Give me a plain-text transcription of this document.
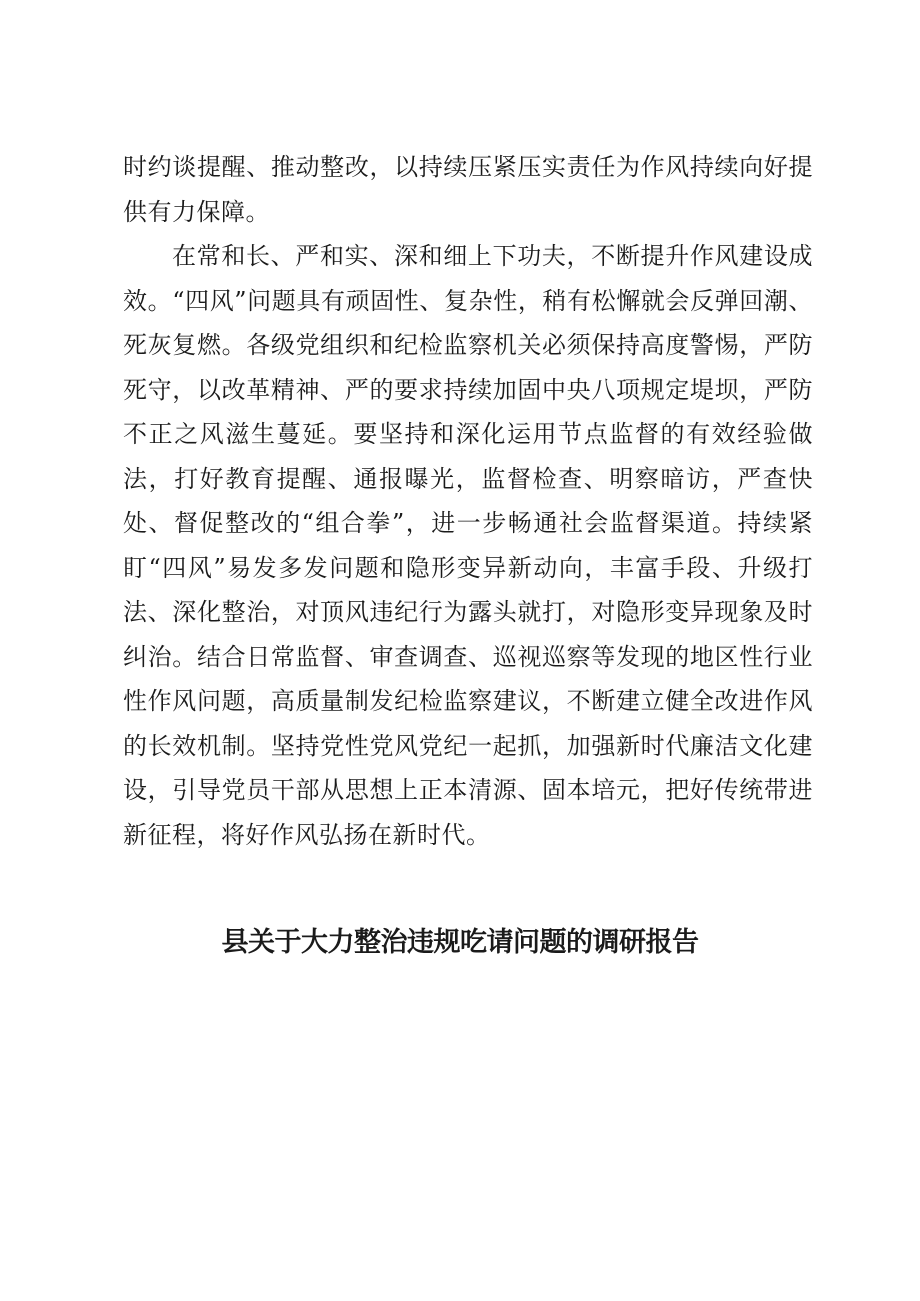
时约谈提醒、推动整改，以持续压紧压实责任为作风持续向好提供有力保障。

在常和长、严和实、深和细上下功夫，不断提升作风建设成效。“四风”问题具有顽固性、复杂性，稍有松懈就会反弹回潮、死灰复燃。各级党组织和纪检监察机关必须保持高度警惕，严防死守，以改革精神、严的要求持续加固中央八项规定堤坝，严防不正之风滋生蔓延。要坚持和深化运用节点监督的有效经验做法，打好教育提醒、通报曝光，监督检查、明察暗访，严查快处、督促整改的“组合拳”，进一步畅通社会监督渠道。持续紧盯“四风”易发多发问题和隐形变异新动向，丰富手段、升级打法、深化整治，对顶风违纪行为露头就打，对隐形变异现象及时纠治。结合日常监督、审查调查、巡视巡察等发现的地区性行业性作风问题，高质量制发纪检监察建议，不断建立健全改进作风的长效机制。坚持党性党风党纪一起抓，加强新时代廉洁文化建设，引导党员干部从思想上正本清源、固本培元，把好传统带进新征程，将好作风弘扬在新时代。

县关于大力整治违规吃请问题的调研报告
